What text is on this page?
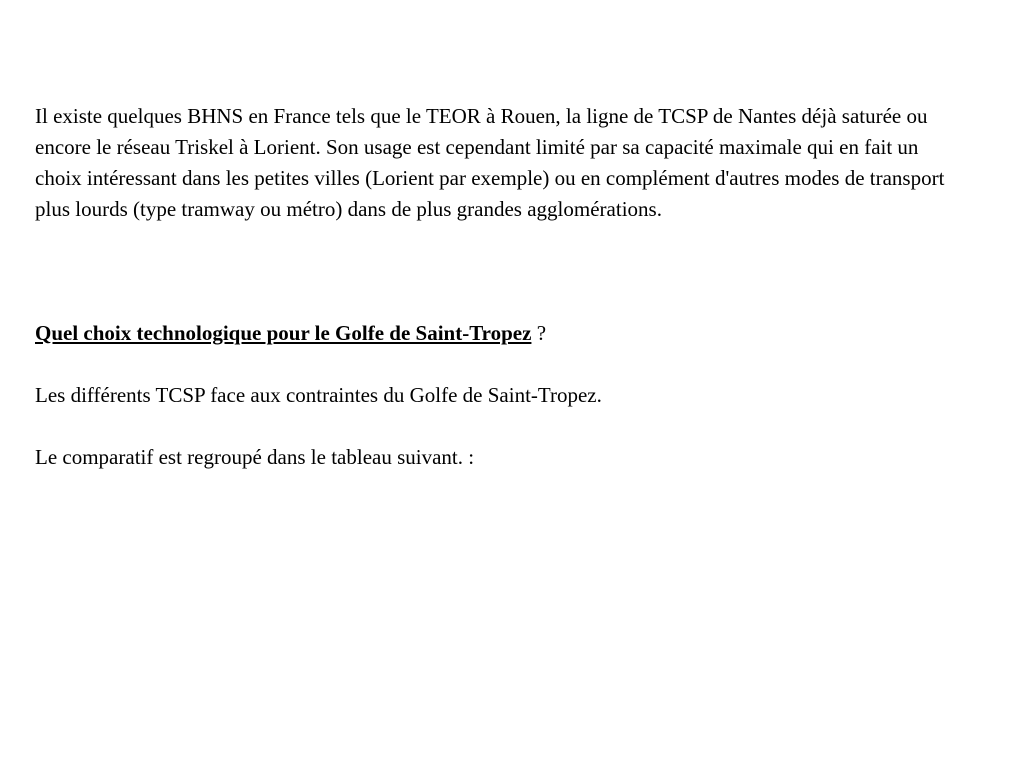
Il existe quelques BHNS en France tels que le TEOR à Rouen, la ligne de TCSP de Nantes déjà saturée ou encore le réseau Triskel à Lorient. Son usage est cependant limité par sa capacité maximale qui en fait un choix intéressant dans les petites villes (Lorient par exemple) ou en complément d'autres modes de transport plus lourds (type tramway ou métro) dans de plus grandes agglomérations.

Quel choix technologique pour le Golfe de Saint-Tropez ?

Les différents TCSP face aux contraintes du Golfe de Saint-Tropez.

Le comparatif est regroupé dans le tableau suivant. :
